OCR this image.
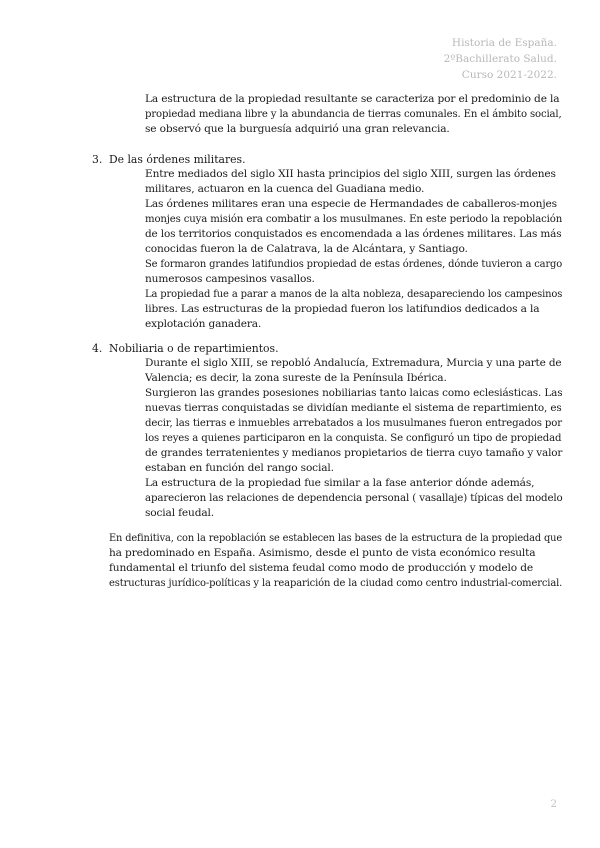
Historia de España.
2ºBachillerato Salud.
Curso 2021-2022.
La estructura de la propiedad resultante se caracteriza por el predominio de la
propiedad mediana libre y la abundancia de tierras comunales. En el ámbito social,
se observó que la burguesía adquirió una gran relevancia.
3. De las órdenes militares.
Entre mediados del siglo XII hasta principios del siglo XIII, surgen las órdenes
militares, actuaron en la cuenca del Guadiana medio.
Las órdenes militares eran una especie de Hermandades de caballeros-monjes
monjes cuya misión era combatir a los musulmanes. En este periodo la repoblación
de los territorios conquistados es encomendada a las órdenes militares. Las más
conocidas fueron la de Calatrava, la de Alcántara, y Santiago.
Se formaron grandes latifundios propiedad de estas órdenes, dónde tuvieron a cargo
numerosos campesinos vasallos.
La propiedad fue a parar a manos de la alta nobleza, desapareciendo los campesinos
libres. Las estructuras de la propiedad fueron los latifundios dedicados a la
explotación ganadera.
4. Nobiliaria o de repartimientos.
Durante el siglo XIII, se repobló Andalucía, Extremadura, Murcia y una parte de
Valencia; es decir, la zona sureste de la Península Ibérica.
Surgieron las grandes posesiones nobiliarias tanto laicas como eclesiásticas. Las
nuevas tierras conquistadas se dividían mediante el sistema de repartimiento, es
decir, las tierras e inmuebles arrebatados a los musulmanes fueron entregados por
los reyes a quienes participaron en la conquista. Se configuró un tipo de propiedad
de grandes terratenientes y medianos propietarios de tierra cuyo tamaño y valor
estaban en función del rango social.
La estructura de la propiedad fue similar a la fase anterior dónde además,
aparecieron las relaciones de dependencia personal ( vasallaje) típicas del modelo
social feudal.
En definitiva, con la repoblación se establecen las bases de la estructura de la propiedad que
ha predominado en España. Asimismo, desde el punto de vista económico resulta
fundamental el triunfo del sistema feudal como modo de producción y modelo de
estructuras jurídico-políticas y la reaparición de la ciudad como centro industrial-comercial.
2
